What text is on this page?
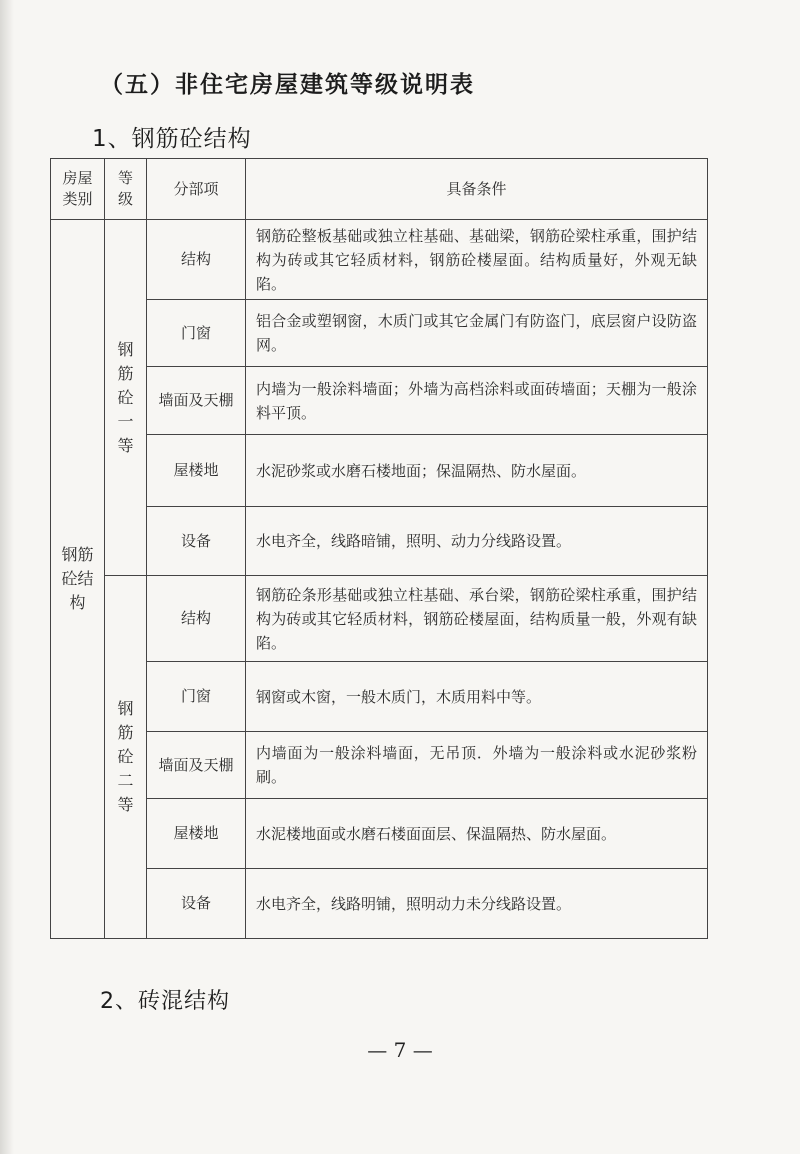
（五）非住宅房屋建筑等级说明表
1、钢筋砼结构
房屋类别	等级	分部项	具备条件

钢筋砼结构	钢筋砼一等	结构	钢筋砼整板基础或独立柱基础、基础梁，钢筋砼梁柱承重，围护结构为砖或其它轻质材料，钢筋砼楼屋面。结构质量好，外观无缺陷。

		门窗	铝合金或塑钢窗，木质门或其它金属门有防盗门，底层窗户设防盗网。

		墙面及天棚	内墙为一般涂料墙面；外墙为高档涂料或面砖墙面；天棚为一般涂料平顶。

		屋楼地	水泥砂浆或水磨石楼地面；保温隔热、防水屋面。

		设备	水电齐全，线路暗铺，照明、动力分线路设置。

	钢筋砼二等	结构	钢筋砼条形基础或独立柱基础、承台梁，钢筋砼梁柱承重，围护结构为砖或其它轻质材料，钢筋砼楼屋面，结构质量一般，外观有缺陷。

		门窗	钢窗或木窗，一般木质门，木质用料中等。

		墙面及天棚	内墙面为一般涂料墙面，无吊顶．外墙为一般涂料或水泥砂浆粉刷。

		屋楼地	水泥楼地面或水磨石楼面面层、保温隔热、防水屋面。

		设备	水电齐全，线路明铺，照明动力未分线路设置。
2、砖混结构
— 7 —
